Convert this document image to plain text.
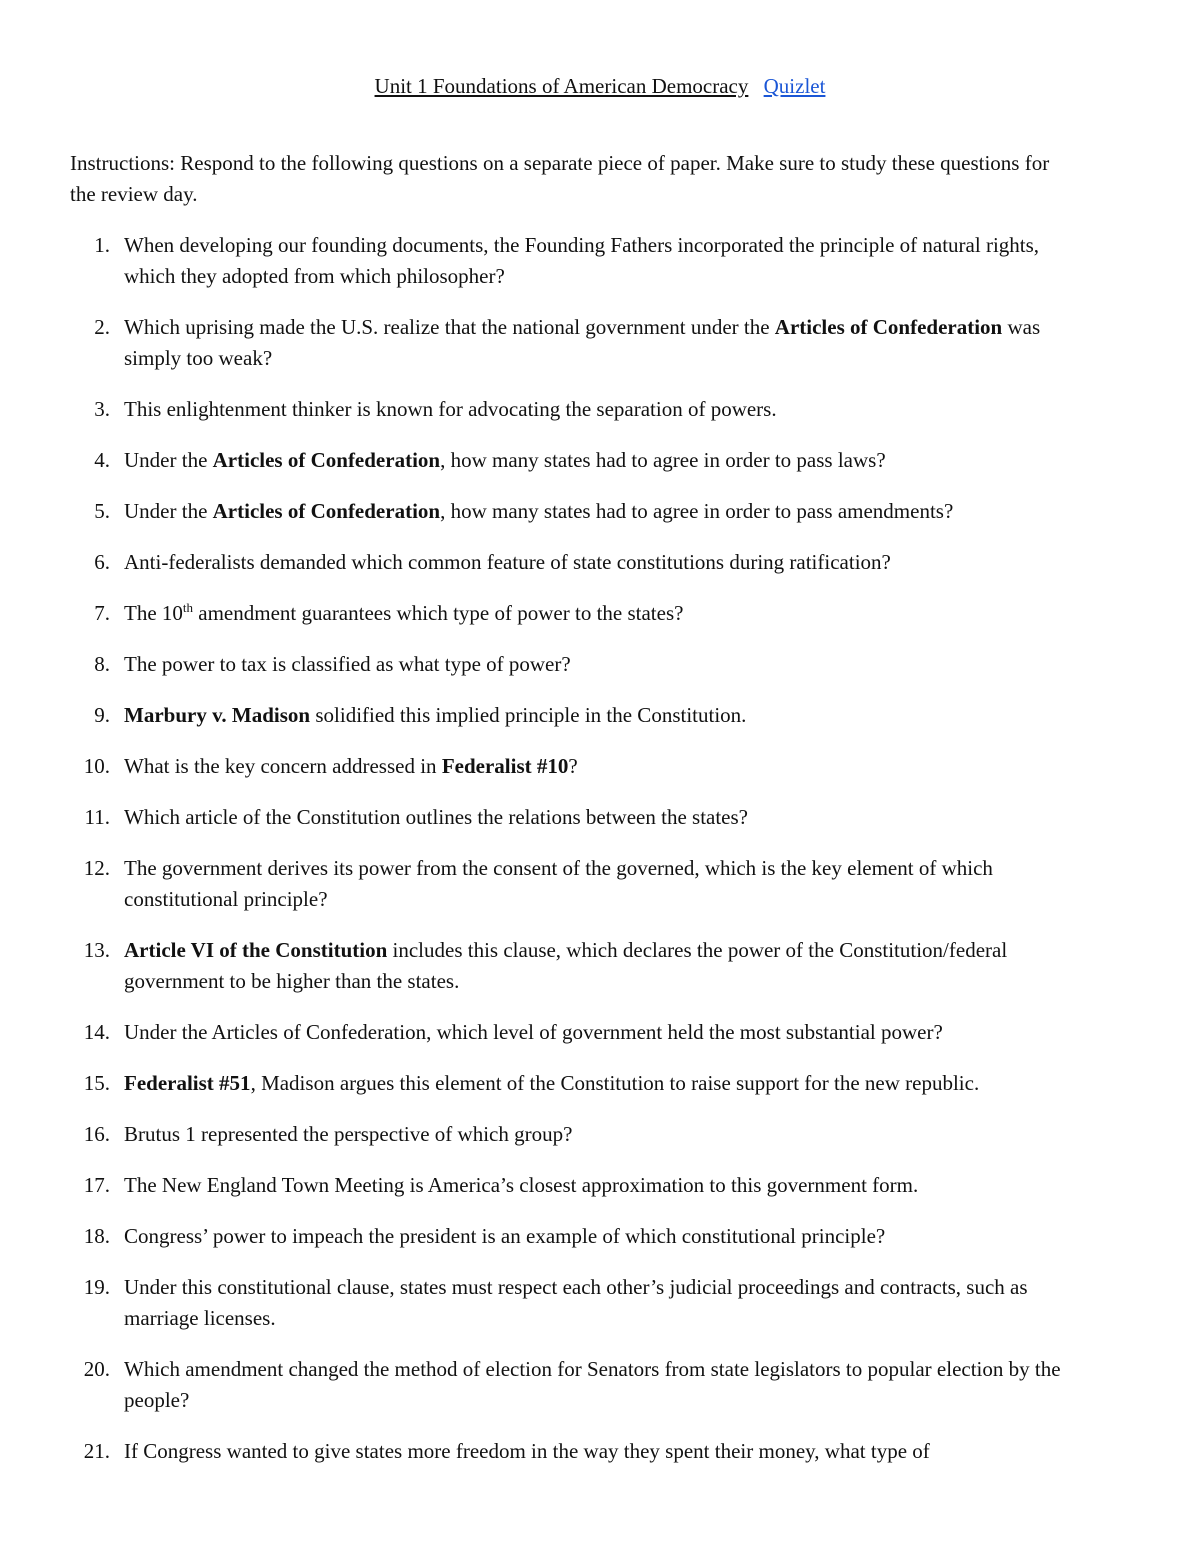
Unit 1 Foundations of American Democracy Quizlet
Instructions: Respond to the following questions on a separate piece of paper. Make sure to study these questions for the review day.
1. When developing our founding documents, the Founding Fathers incorporated the principle of natural rights, which they adopted from which philosopher?
2. Which uprising made the U.S. realize that the national government under the Articles of Confederation was simply too weak?
3. This enlightenment thinker is known for advocating the separation of powers.
4. Under the Articles of Confederation, how many states had to agree in order to pass laws?
5. Under the Articles of Confederation, how many states had to agree in order to pass amendments?
6. Anti-federalists demanded which common feature of state constitutions during ratification?
7. The 10th amendment guarantees which type of power to the states?
8. The power to tax is classified as what type of power?
9. Marbury v. Madison solidified this implied principle in the Constitution.
10. What is the key concern addressed in Federalist #10?
11. Which article of the Constitution outlines the relations between the states?
12. The government derives its power from the consent of the governed, which is the key element of which constitutional principle?
13. Article VI of the Constitution includes this clause, which declares the power of the Constitution/federal government to be higher than the states.
14. Under the Articles of Confederation, which level of government held the most substantial power?
15. Federalist #51, Madison argues this element of the Constitution to raise support for the new republic.
16. Brutus 1 represented the perspective of which group?
17. The New England Town Meeting is America’s closest approximation to this government form.
18. Congress’ power to impeach the president is an example of which constitutional principle?
19. Under this constitutional clause, states must respect each other’s judicial proceedings and contracts, such as marriage licenses.
20. Which amendment changed the method of election for Senators from state legislators to popular election by the people?
21. If Congress wanted to give states more freedom in the way they spent their money, what type of
